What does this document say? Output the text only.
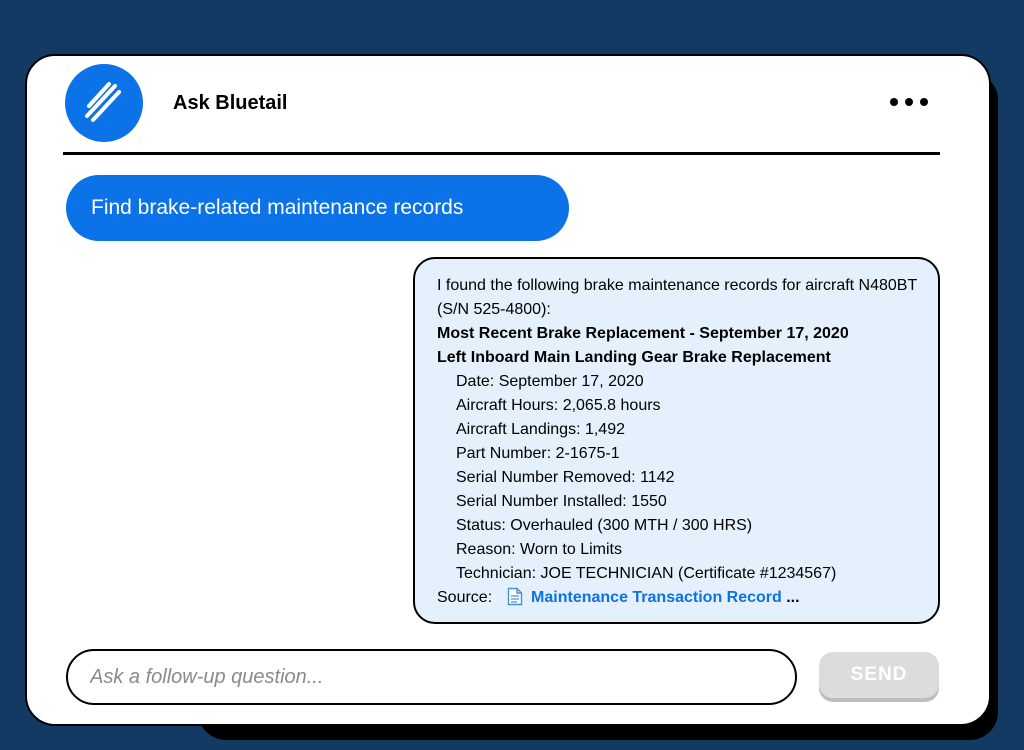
Ask Bluetail
Find brake-related maintenance records
I found the following brake maintenance records for aircraft N480BT (S/N 525-4800):
Most Recent Brake Replacement - September 17, 2020
Left Inboard Main Landing Gear Brake Replacement
Date: September 17, 2020
Aircraft Hours: 2,065.8 hours
Aircraft Landings: 1,492
Part Number: 2-1675-1
Serial Number Removed: 1142
Serial Number Installed: 1550
Status: Overhauled (300 MTH / 300 HRS)
Reason: Worn to Limits
Technician: JOE TECHNICIAN (Certificate #1234567)
Source: Maintenance Transaction Record ...
Ask a follow-up question...
SEND
